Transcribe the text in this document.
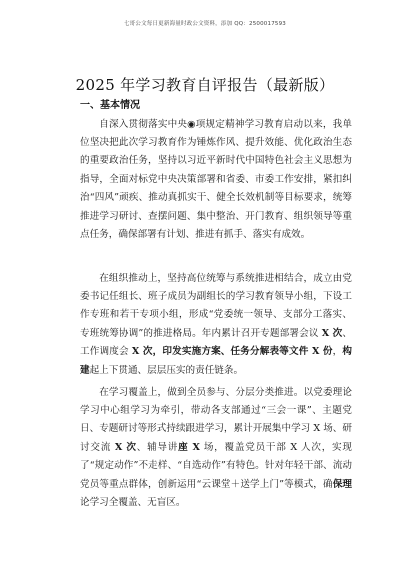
七哥公文每日更新海量时政公文资料，添加 QQ：2500017593
2025 年学习教育自评报告（最新版）
一、基本情况

自深入贯彻落实中央◉项规定精神学习教育启动以来，我单位坚决把此次学习教育作为锤炼作风、提升效能、优化政治生态的重要政治任务，坚持以习近平新时代中国特色社会主义思想为指导，全面对标党中央决策部署和省委、市委工作安排，紧扣纠治“四风”顽疾、推动真抓实干、健全长效机制等目标要求，统筹推进学习研讨、查摆问题、集中整治、开门教育、组织领导等重点任务，确保部署有计划、推进有抓手、落实有成效。

在组织推动上，坚持高位统筹与系统推进相结合，成立由党委书记任组长、班子成员为副组长的学习教育领导小组，下设工作专班和若干专项小组，形成“党委统一领导、支部分工落实、专班统筹协调”的推进格局。年内累计召开专题部署会议 X 次、工作调度会 X 次，印发实施方案、任务分解表等文件 X 份，构建起上下贯通、层层压实的责任链条。

在学习覆盖上，做到全员参与、分层分类推进。以党委理论学习中心组学习为牵引，带动各支部通过“三会一课”、主题党日、专题研讨等形式持续跟进学习，累计开展集中学习 X 场、研讨交流 X 次、辅导讲座 X 场，覆盖党员干部 X 人次，实现了“规定动作”不走样、“自选动作”有特色。针对年轻干部、流动党员等重点群体，创新运用“云课堂＋送学上门”等模式，确保理论学习全覆盖、无盲区。
